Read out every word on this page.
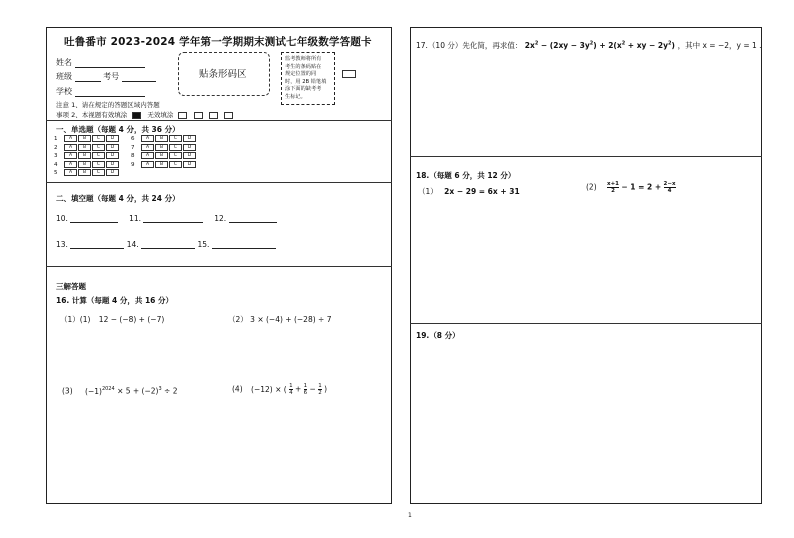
吐鲁番市 2023-2024 学年第一学期期末测试七年级数学答题卡
姓名
班级	考号
学校
贴条形码区
监考教师将所有
考生的条码贴在
规定位置的同
时，用 2B 铅笔填
涂下面的缺考考
生标记。
注意 1、请在规定的答题区域内答题
事项 2、本视题有效填涂	无效填涂
一、单选题（每题 4 分，共 36 分）
1	A B C D
2	A B C D
3	A B C D
4	A B C D
5	A B C D
6	A B C D
7	A B C D
8	A B C D
9	A B C D
二、填空题（每题 4 分，共 24 分）
10.	11.	12.
13.	14.	15.
三解答题
16. 计算（每题 4 分，共 16 分）
（1）(1) 12 − (−8) + (−7)	（2） 3 × (−4) + (−28) ÷ 7
(3) $(-1)^{2024} \times 5 + (-2)^3 \div 2$	(4) (−12) × ( $\frac{1}{4} + \frac{1}{6} - \frac{1}{2}$ )
17.（10 分）先化简，再求值： $2x^2 - (2xy - 3y^2) + 2(x^2$ + xy − $2y^2$) ，其中 x = −2，y = 1 .
18.（每题 6 分，共 12 分）
（1） 2x − 29 = 6x + 31	$(2) \frac{x+1}{2} - 1 = 2 + \frac{2-x}{4}$
19.（8 分）
1
